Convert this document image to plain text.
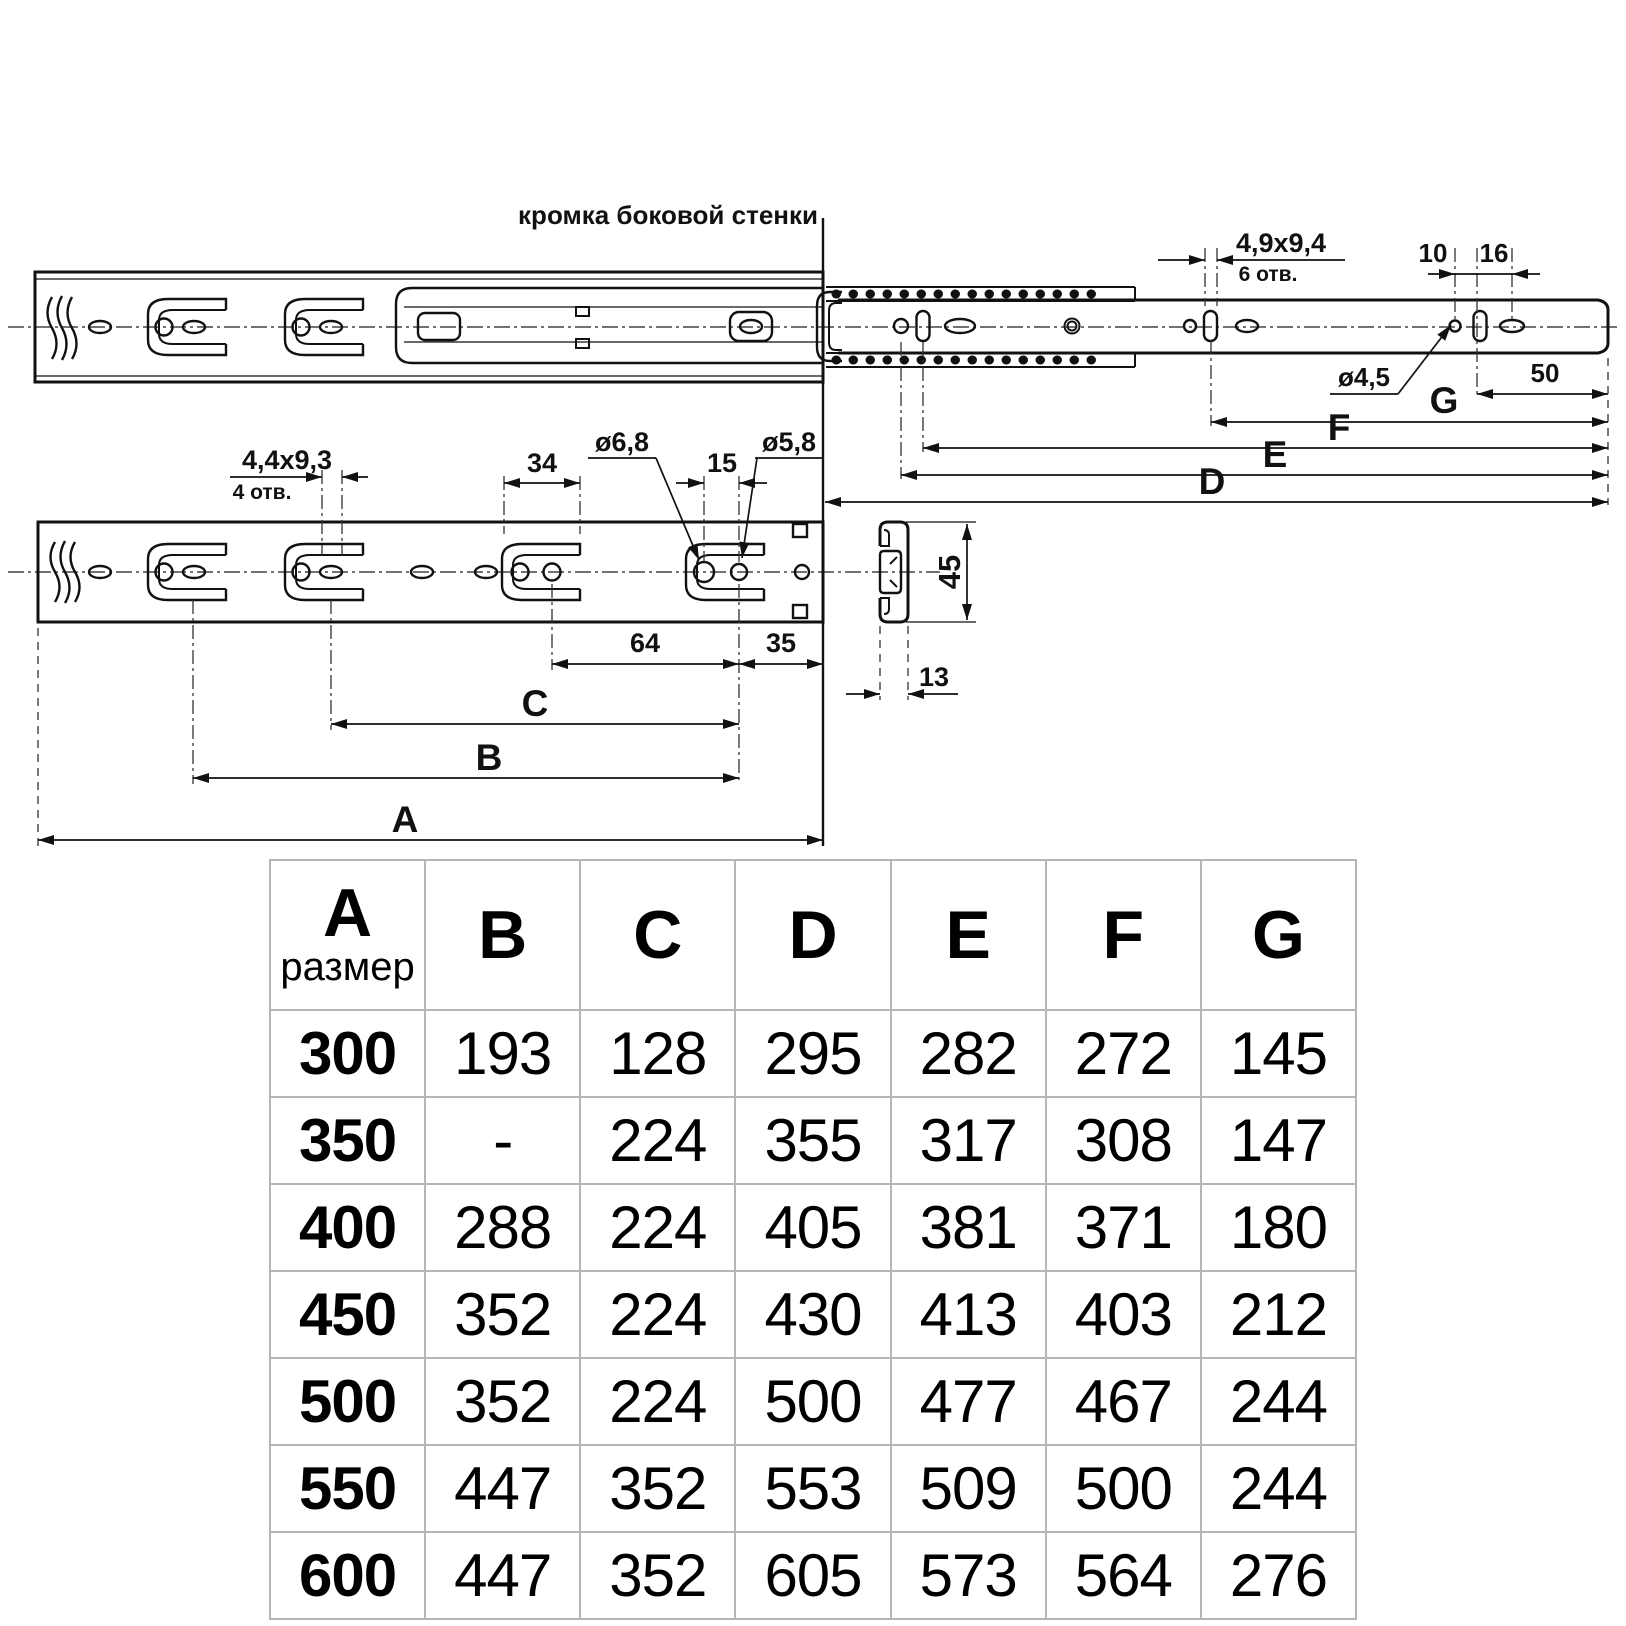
кромка боковой стенки
4,9x9,4
6 отв.
10 16
ø4,5	50
G
F
E
D
4,4x9,3
4 отв.
34
ø6,8
15
ø5,8
64	35
C
B
A
45
13
A
размер	B	C	D	E	F	G

300	193	128	295	282	272	145
350	-	224	355	317	308	147
400	288	224	405	381	371	180
450	352	224	430	413	403	212
500	352	224	500	477	467	244
550	447	352	553	509	500	244
600	447	352	605	573	564	276
